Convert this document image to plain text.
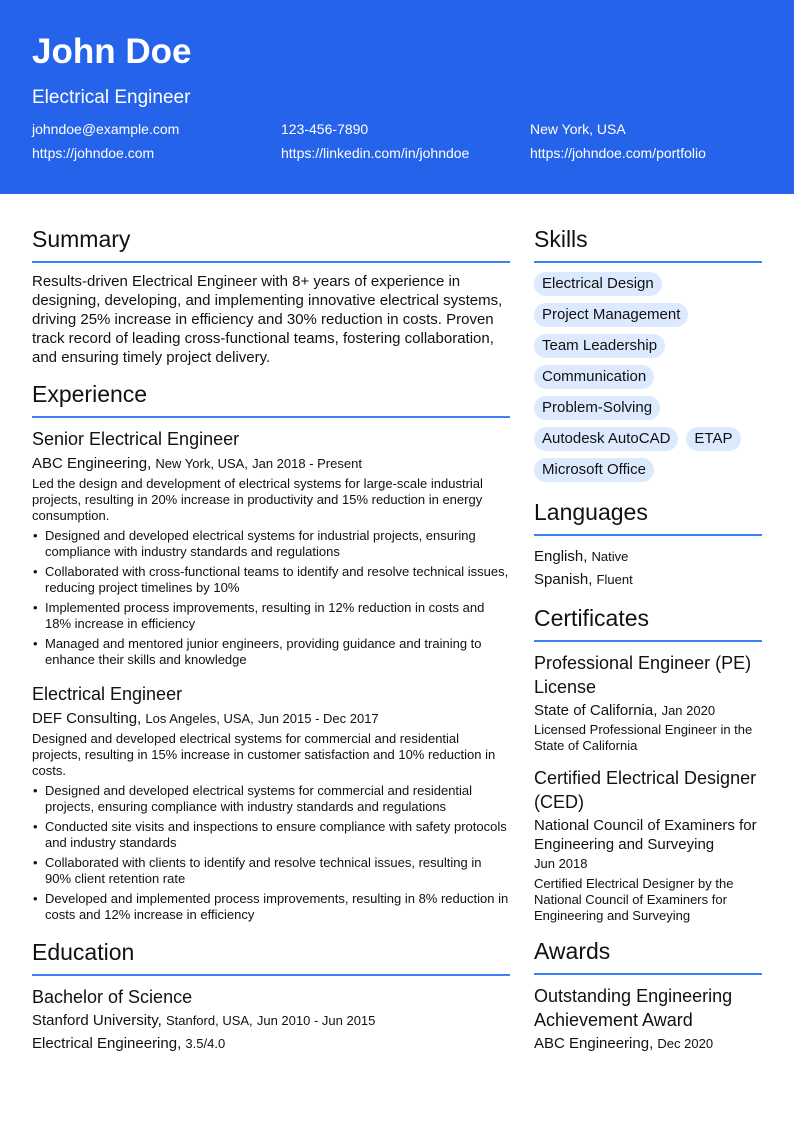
John Doe
Electrical Engineer
johndoe@example.com	123-456-7890	New York, USA
https://johndoe.com	https://linkedin.com/in/johndoe	https://johndoe.com/portfolio
Summary
Results-driven Electrical Engineer with 8+ years of experience in designing, developing, and implementing innovative electrical systems, driving 25% increase in efficiency and 30% reduction in costs. Proven track record of leading cross-functional teams, fostering collaboration, and ensuring timely project delivery.
Experience
Senior Electrical Engineer
ABC Engineering, New York, USA, Jan 2018 - Present
Led the design and development of electrical systems for large-scale industrial projects, resulting in 20% increase in productivity and 15% reduction in energy consumption.
• Designed and developed electrical systems for industrial projects, ensuring compliance with industry standards and regulations
• Collaborated with cross-functional teams to identify and resolve technical issues, reducing project timelines by 10%
• Implemented process improvements, resulting in 12% reduction in costs and 18% increase in efficiency
• Managed and mentored junior engineers, providing guidance and training to enhance their skills and knowledge
Electrical Engineer
DEF Consulting, Los Angeles, USA, Jun 2015 - Dec 2017
Designed and developed electrical systems for commercial and residential projects, resulting in 15% increase in customer satisfaction and 10% reduction in costs.
• Designed and developed electrical systems for commercial and residential projects, ensuring compliance with industry standards and regulations
• Conducted site visits and inspections to ensure compliance with safety protocols and industry standards
• Collaborated with clients to identify and resolve technical issues, resulting in 90% client retention rate
• Developed and implemented process improvements, resulting in 8% reduction in costs and 12% increase in efficiency
Education
Bachelor of Science
Stanford University, Stanford, USA, Jun 2010 - Jun 2015
Electrical Engineering, 3.5/4.0
Skills
Electrical Design
Project Management
Team Leadership
Communication
Problem-Solving
Autodesk AutoCAD	ETAP
Microsoft Office
Languages
English, Native
Spanish, Fluent
Certificates
Professional Engineer (PE) License
State of California, Jan 2020
Licensed Professional Engineer in the State of California
Certified Electrical Designer (CED)
National Council of Examiners for Engineering and Surveying
Jun 2018
Certified Electrical Designer by the National Council of Examiners for Engineering and Surveying
Awards
Outstanding Engineering Achievement Award
ABC Engineering, Dec 2020
